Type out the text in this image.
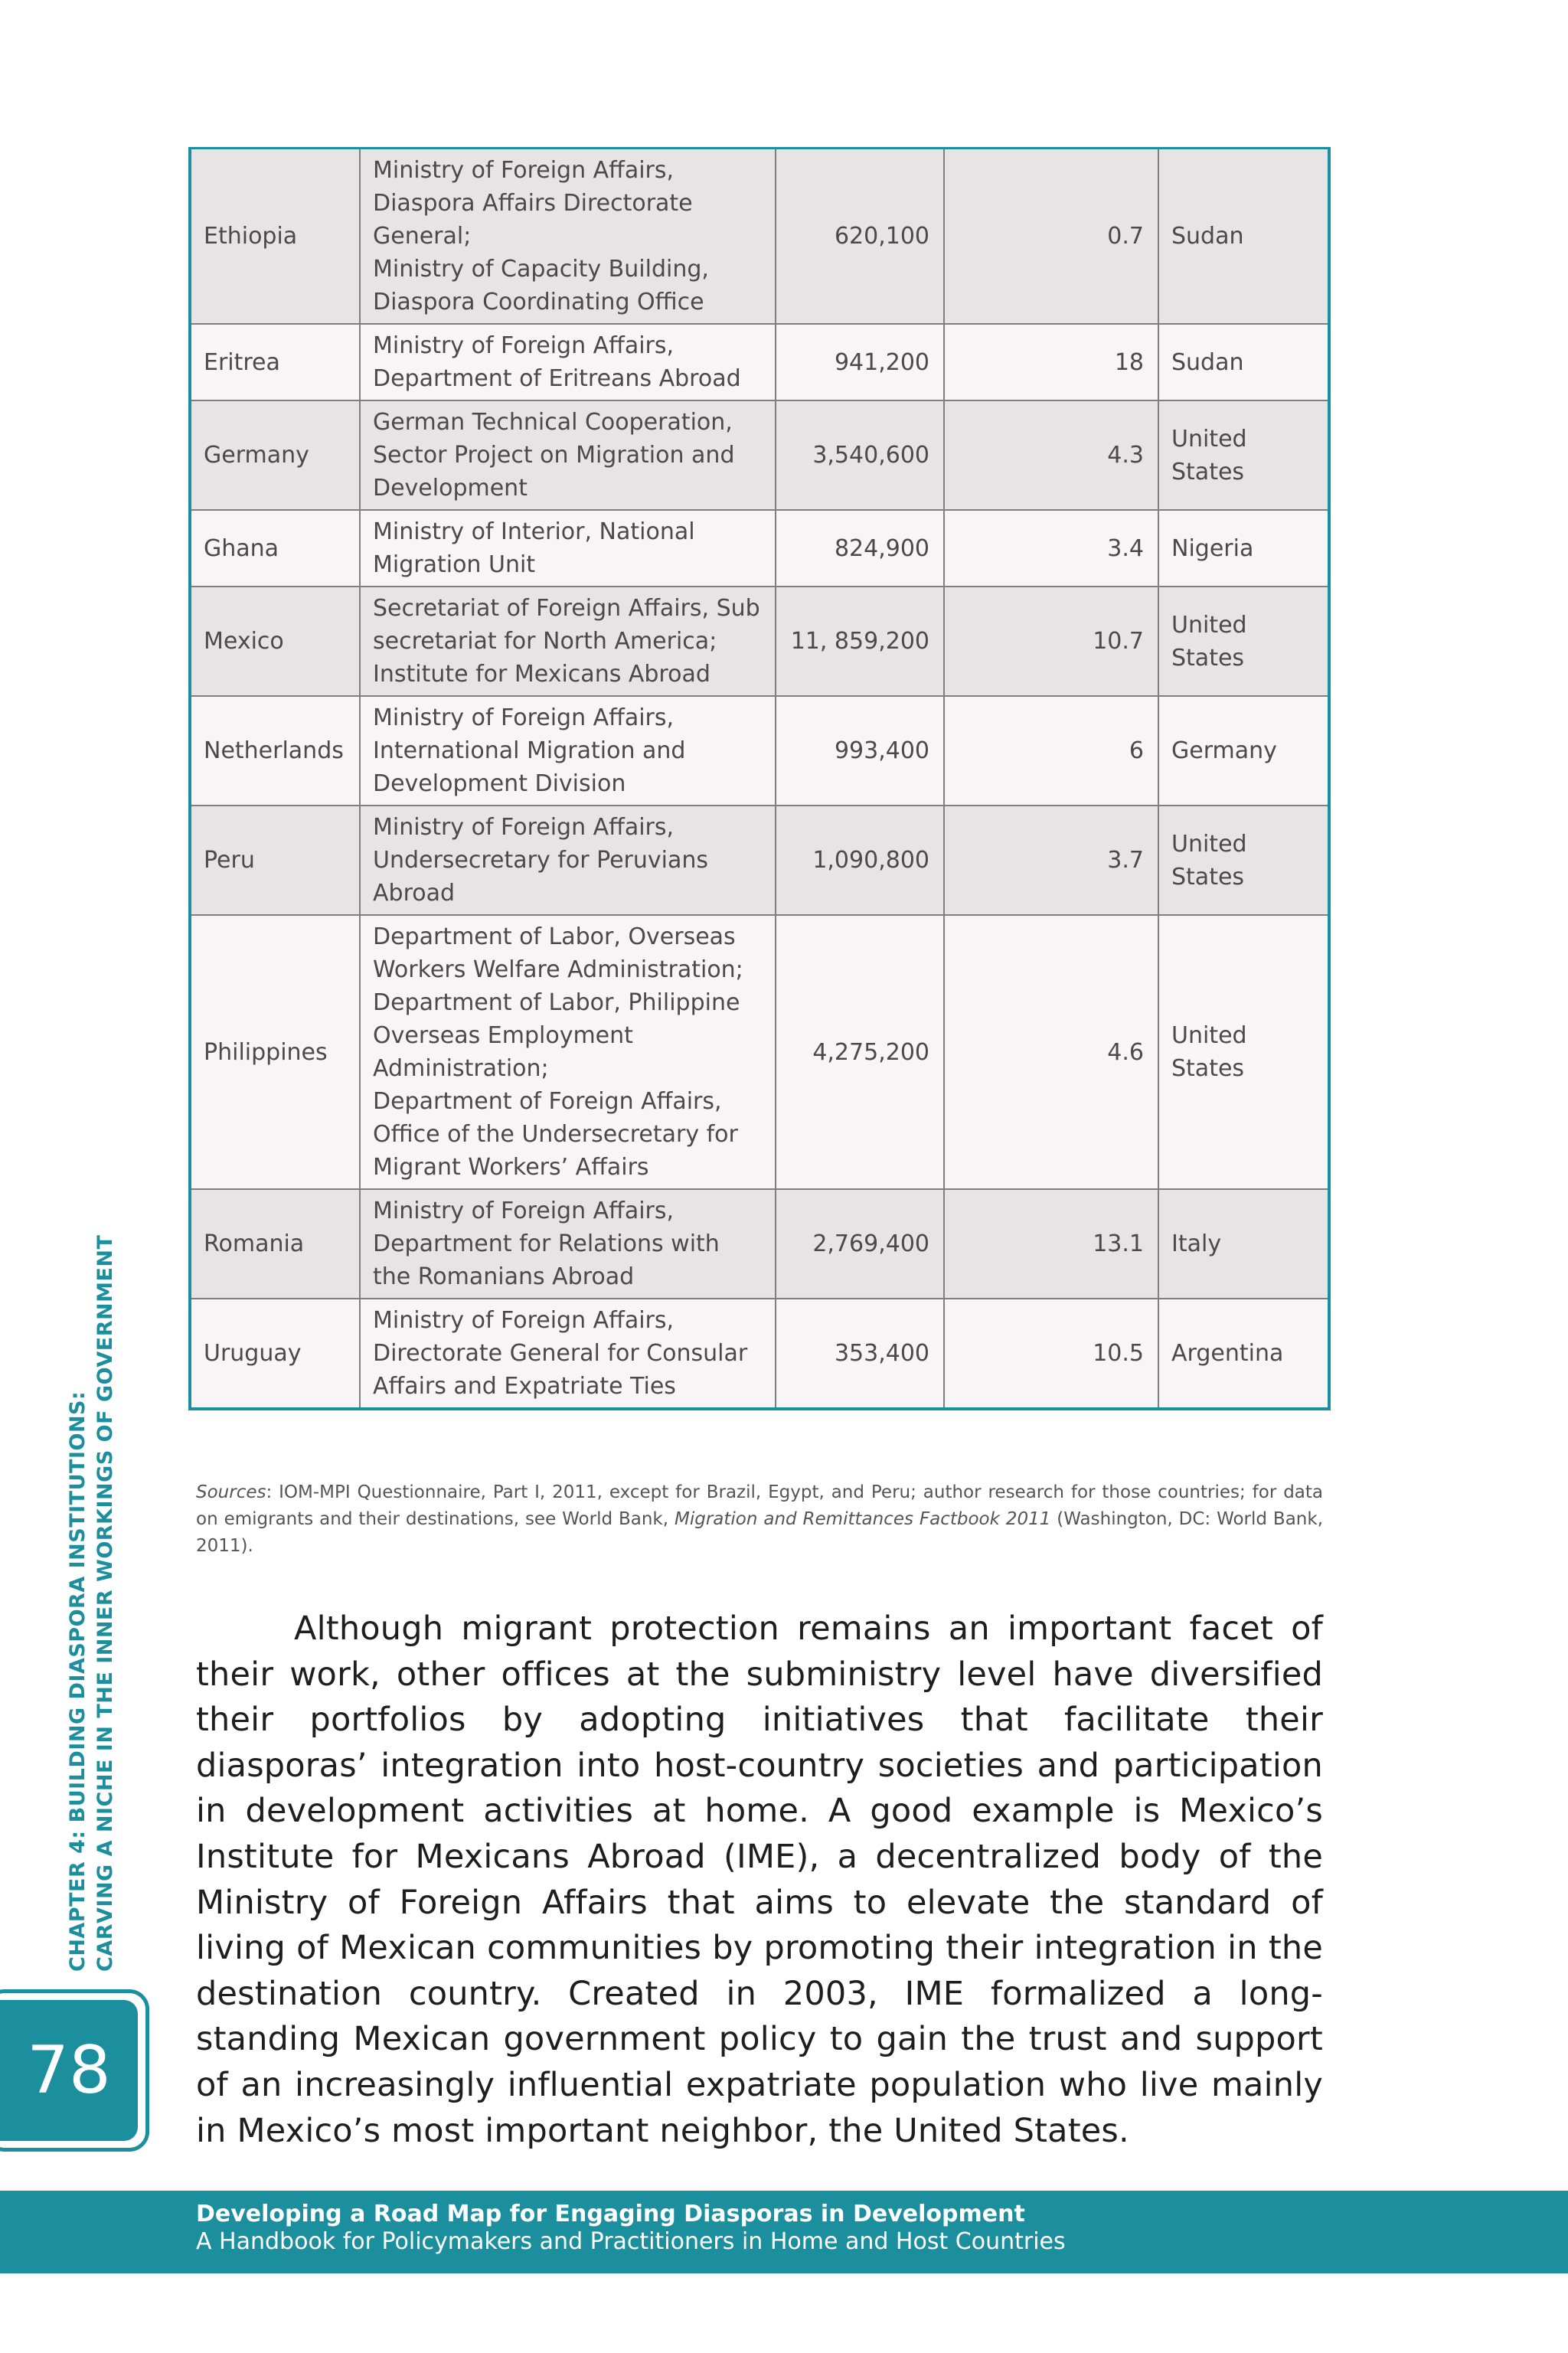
Ethiopia	Ministry of Foreign Affairs,
Diaspora Affairs Directorate General;
Ministry of Capacity Building,
Diaspora Coordinating Office	620,100	0.7	Sudan
Eritrea	Ministry of Foreign Affairs,
Department of Eritreans Abroad	941,200	18	Sudan
Germany	German Technical Cooperation,
Sector Project on Migration and Development	3,540,600	4.3	United States
Ghana	Ministry of Interior, National Migration Unit	824,900	3.4	Nigeria
Mexico	Secretariat of Foreign Affairs, Sub secretariat for North America;
Institute for Mexicans Abroad	11, 859,200	10.7	United States
Netherlands	Ministry of Foreign Affairs,
International Migration and Development Division	993,400	6	Germany
Peru	Ministry of Foreign Affairs,
Undersecretary for Peruvians Abroad	1,090,800	3.7	United States
Philippines	Department of Labor, Overseas Workers Welfare Administration;
Department of Labor, Philippine Overseas Employment Administration;
Department of Foreign Affairs,
Office of the Undersecretary for Migrant Workers’ Affairs	4,275,200	4.6	United States
Romania	Ministry of Foreign Affairs,
Department for Relations with the Romanians Abroad	2,769,400	13.1	Italy
Uruguay	Ministry of Foreign Affairs,
Directorate General for Consular Affairs and Expatriate Ties	353,400	10.5	Argentina
Sources: IOM-MPI Questionnaire, Part I, 2011, except for Brazil, Egypt, and Peru; author research for those countries; for data on emigrants and their destinations, see World Bank, Migration and Remittances Factbook 2011 (Washington, DC: World Bank, 2011).
Although migrant protection remains an important facet of their work, other offices at the subministry level have diversified their portfolios by adopting initiatives that facilitate their diasporas’ integration into host-country societies and participation in development activities at home. A good example is Mexico’s Institute for Mexicans Abroad (IME), a decentralized body of the Ministry of Foreign Affairs that aims to elevate the standard of living of Mexican communities by promoting their integration in the destination country. Created in 2003, IME formalized a long-standing Mexican government policy to gain the trust and support of an increasingly influential expatriate population who live mainly in Mexico’s most important neighbor, the United States.
CHAPTER 4: BUILDING DIASPORA INSTITUTIONS: CARVING A NICHE IN THE INNER WORKINGS OF GOVERNMENT
78
Developing a Road Map for Engaging Diasporas in Development
A Handbook for Policymakers and Practitioners in Home and Host Countries
